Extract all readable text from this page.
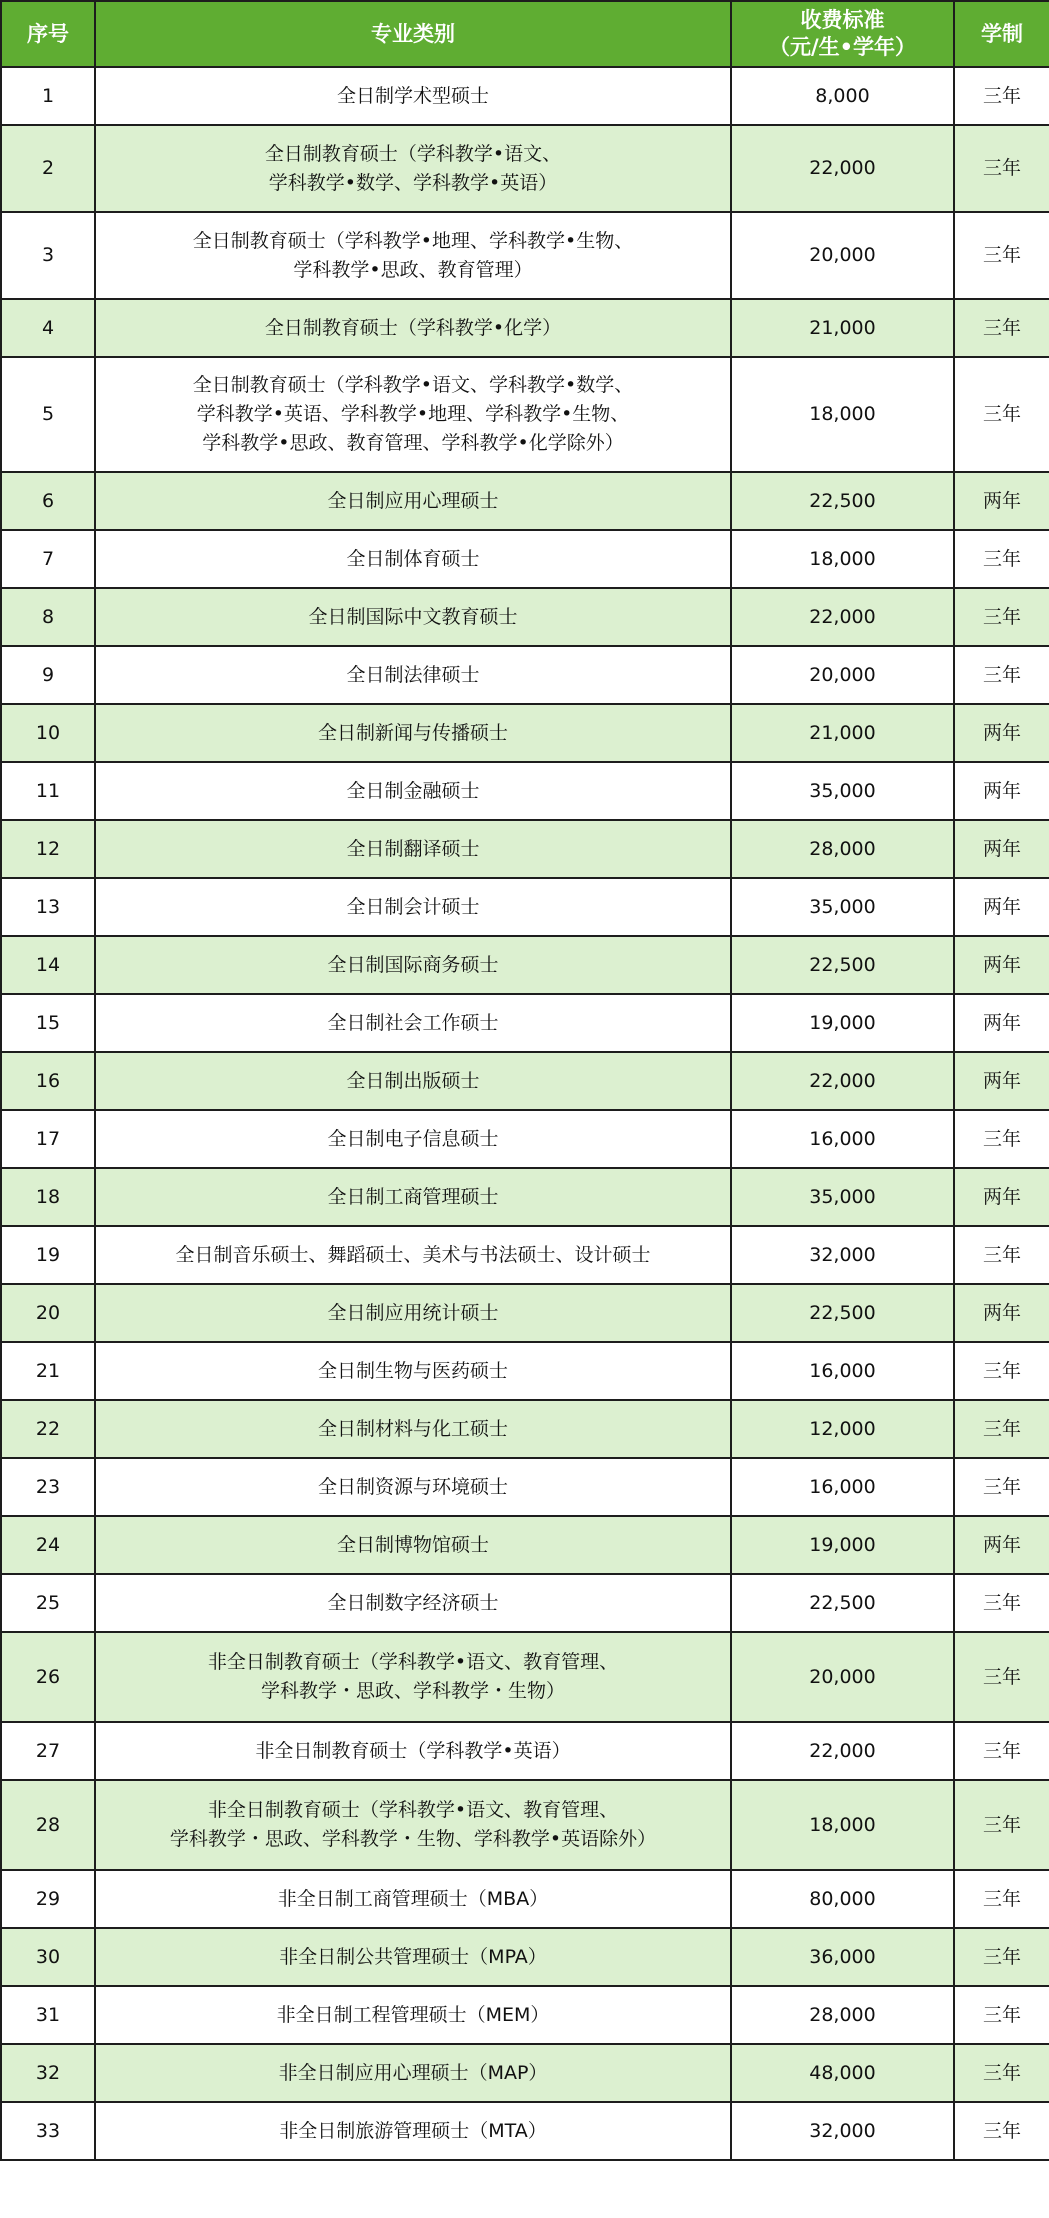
序号	专业类别	收费标准
（元/生•学年）	学制
1	全日制学术型硕士	8,000	三年
2	全日制教育硕士（学科教学•语文、
学科教学•数学、学科教学•英语）	22,000	三年
3	全日制教育硕士（学科教学•地理、学科教学•生物、
学科教学•思政、教育管理）	20,000	三年
4	全日制教育硕士（学科教学•化学）	21,000	三年
5	全日制教育硕士（学科教学•语文、学科教学•数学、
学科教学•英语、学科教学•地理、学科教学•生物、
学科教学•思政、教育管理、学科教学•化学除外）	18,000	三年
6	全日制应用心理硕士	22,500	两年
7	全日制体育硕士	18,000	三年
8	全日制国际中文教育硕士	22,000	三年
9	全日制法律硕士	20,000	三年
10	全日制新闻与传播硕士	21,000	两年
11	全日制金融硕士	35,000	两年
12	全日制翻译硕士	28,000	两年
13	全日制会计硕士	35,000	两年
14	全日制国际商务硕士	22,500	两年
15	全日制社会工作硕士	19,000	两年
16	全日制出版硕士	22,000	两年
17	全日制电子信息硕士	16,000	三年
18	全日制工商管理硕士	35,000	两年
19	全日制音乐硕士、舞蹈硕士、美术与书法硕士、设计硕士	32,000	三年
20	全日制应用统计硕士	22,500	两年
21	全日制生物与医药硕士	16,000	三年
22	全日制材料与化工硕士	12,000	三年
23	全日制资源与环境硕士	16,000	三年
24	全日制博物馆硕士	19,000	两年
25	全日制数字经济硕士	22,500	三年
26	非全日制教育硕士（学科教学•语文、教育管理、
学科教学・思政、学科教学・生物）	20,000	三年
27	非全日制教育硕士（学科教学•英语）	22,000	三年
28	非全日制教育硕士（学科教学•语文、教育管理、
学科教学・思政、学科教学・生物、学科教学•英语除外）	18,000	三年
29	非全日制工商管理硕士（MBA）	80,000	三年
30	非全日制公共管理硕士（MPA）	36,000	三年
31	非全日制工程管理硕士（MEM）	28,000	三年
32	非全日制应用心理硕士（MAP）	48,000	三年
33	非全日制旅游管理硕士（MTA）	32,000	三年
